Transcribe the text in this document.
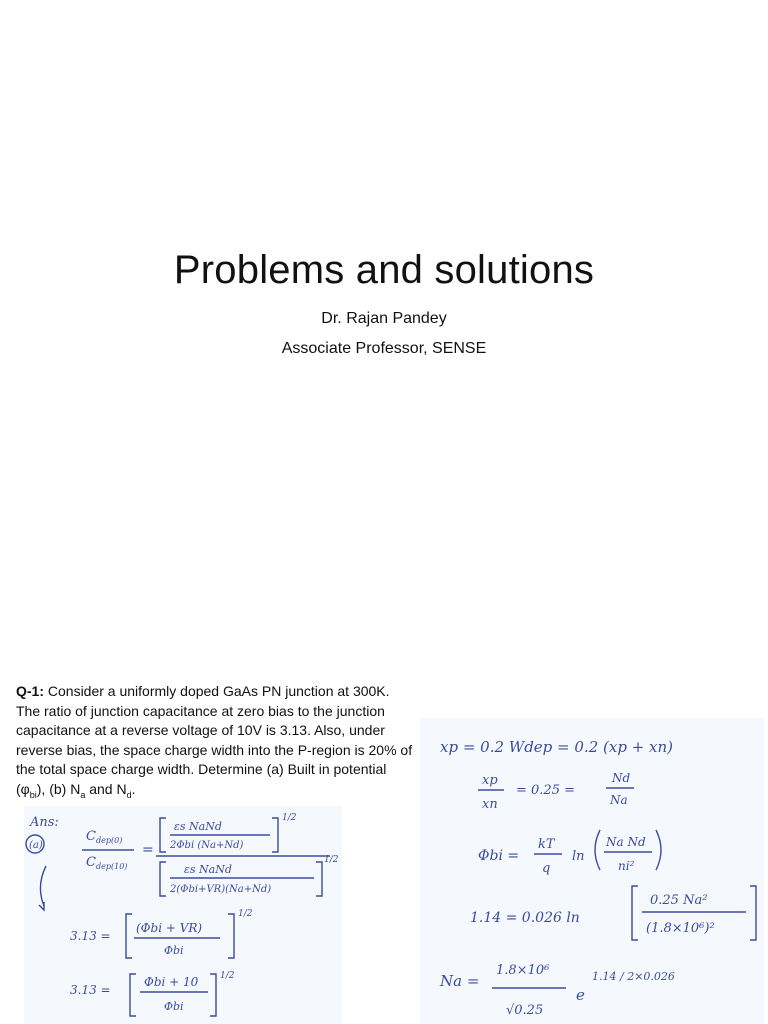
Problems and solutions
Dr. Rajan Pandey
Associate Professor, SENSE
Q-1: Consider a uniformly doped GaAs PN junction at 300K. The ratio of junction capacitance at zero bias to the junction capacitance at a reverse voltage of 10V is 3.13. Also, under reverse bias, the space charge width into the P-region is 20% of the total space charge width. Determine (a) Built in potential $(\varphi_{bi})$, (b) $N_a$ and $N_d$.
Ans:
(a)
C dep(0)
C dep(10)
=
εs NaNd
2Φbi (Na+Nd)
1/2
εs NaNd
2(Φbi+VR)(Na+Nd)
1/2
3.13 =
(Φbi + VR)
Φbi
1/2
3.13 =
Φbi + 10
Φbi
1/2
xp = 0.2 Wdep = 0.2 (xp + xn)
xp
xn
= 0.25 =
Nd
Na
Φbi =
kT
q
ln
Na Nd
ni²
1.14 = 0.026 ln
0.25 Na²
(1.8×10⁶)²
Na =
1.8×10⁶
√0.25
e
1.14 / 2×0.026
